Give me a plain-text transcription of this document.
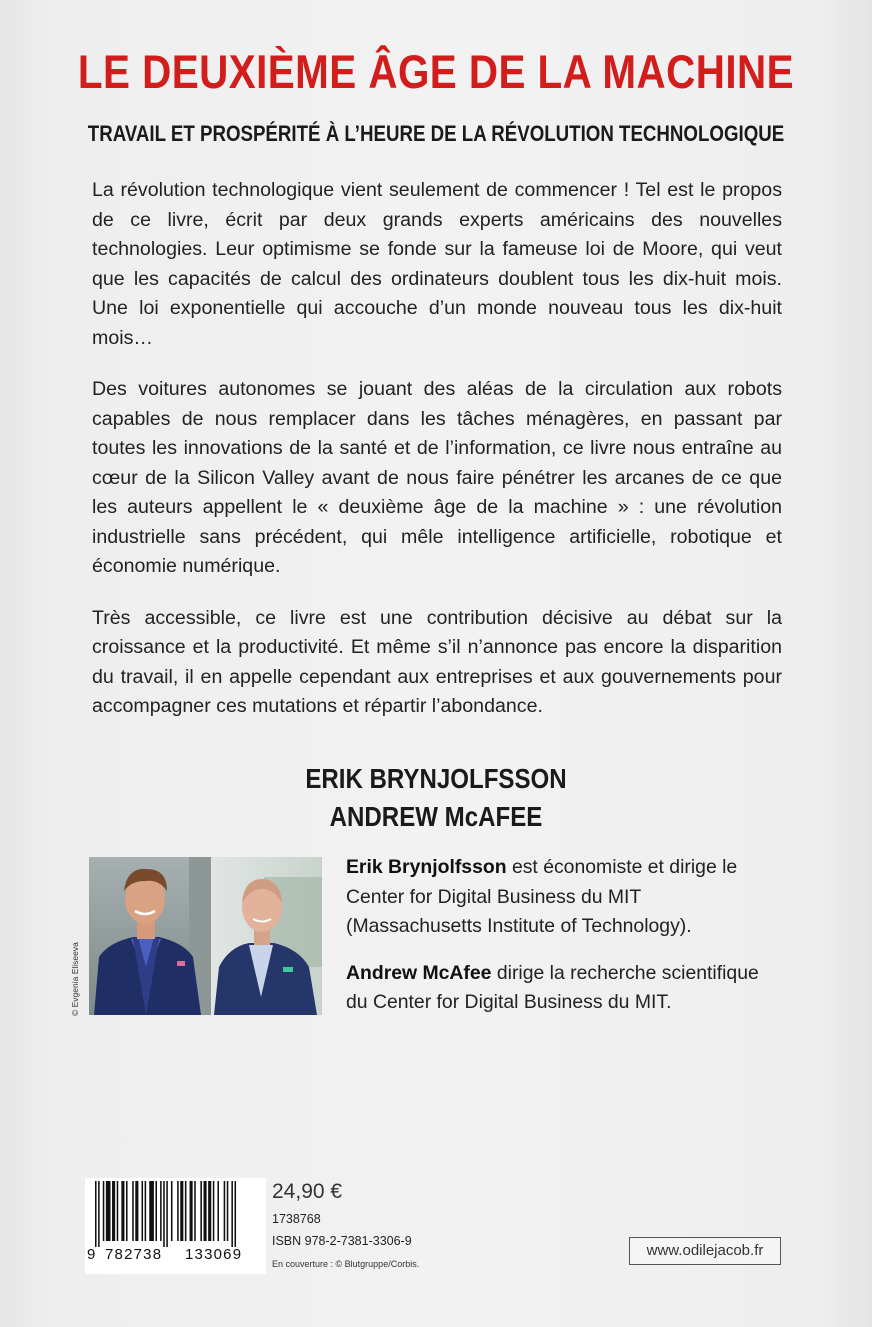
LE DEUXIÈME ÂGE DE LA MACHINE
TRAVAIL ET PROSPÉRITÉ À L’HEURE DE LA RÉVOLUTION TECHNOLOGIQUE

La révolution technologique vient seulement de commencer ! Tel est le propos de ce livre, écrit par deux grands experts américains des nouvelles technologies. Leur optimisme se fonde sur la fameuse loi de Moore, qui veut que les capacités de calcul des ordinateurs doublent tous les dix-huit mois. Une loi exponentielle qui accouche d’un monde nouveau tous les dix-huit mois…

Des voitures autonomes se jouant des aléas de la circulation aux robots capables de nous remplacer dans les tâches ménagères, en passant par toutes les innovations de la santé et de l’information, ce livre nous entraîne au cœur de la Silicon Valley avant de nous faire pénétrer les arcanes de ce que les auteurs appellent le « deuxième âge de la machine » : une révolution industrielle sans précédent, qui mêle intelligence artificielle, robotique et économie numérique.

Très accessible, ce livre est une contribution décisive au débat sur la croissance et la productivité. Et même s’il n’annonce pas encore la disparition du travail, il en appelle cependant aux entreprises et aux gouvernements pour accompagner ces mutations et répartir l’abondance.

ERIK BRYNJOLFSSON
ANDREW McAFEE
© Evgenia Eliseeva

Erik Brynjolfsson est économiste et dirige le Center for Digital Business du MIT (Massachusetts Institute of Technology).

Andrew McAfee dirige la recherche scientifique du Center for Digital Business du MIT.

9 782738 133069
24,90 €
1738768
ISBN 978-2-7381-3306-9
En couverture : © Blutgruppe/Corbis.
www.odilejacob.fr
